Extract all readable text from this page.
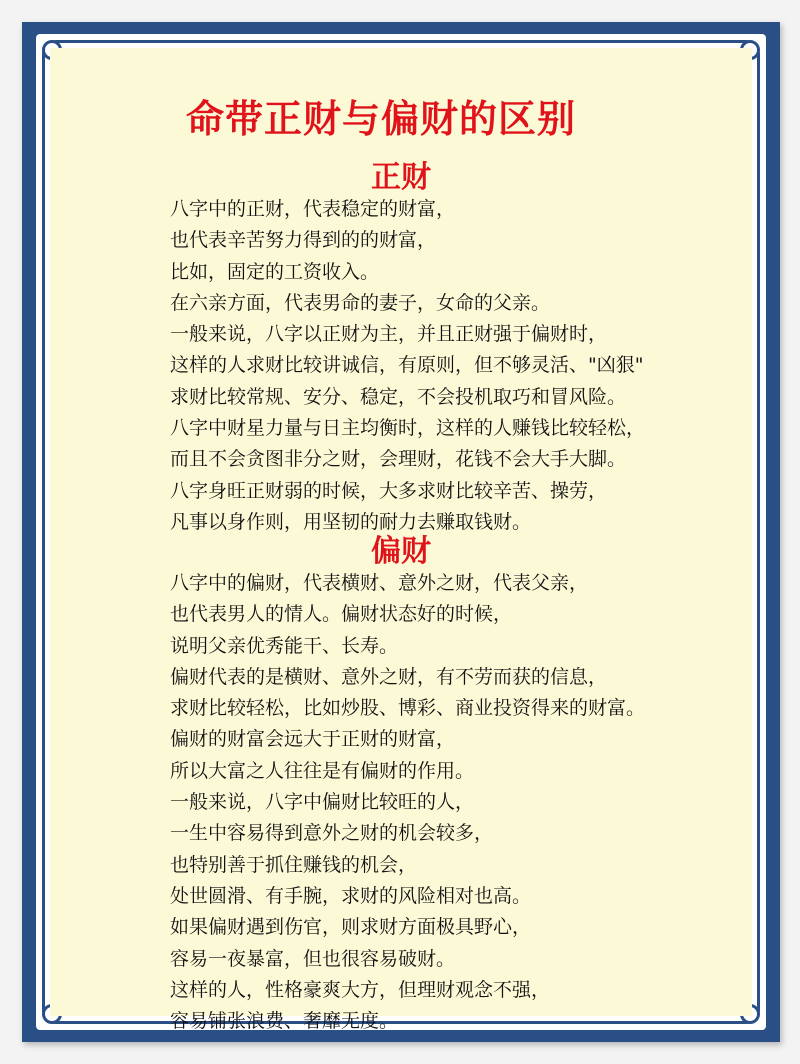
命带正财与偏财的区别
正财
八字中的正财，代表稳定的财富，
也代表辛苦努力得到的的财富，
比如，固定的工资收入。
在六亲方面，代表男命的妻子，女命的父亲。
一般来说，八字以正财为主，并且正财强于偏财时，
这样的人求财比较讲诚信，有原则，但不够灵活、"凶狠"
求财比较常规、安分、稳定，不会投机取巧和冒风险。
八字中财星力量与日主均衡时，这样的人赚钱比较轻松，
而且不会贪图非分之财，会理财，花钱不会大手大脚。
八字身旺正财弱的时候，大多求财比较辛苦、操劳，
凡事以身作则，用坚韧的耐力去赚取钱财。
偏财
八字中的偏财，代表横财、意外之财，代表父亲，
也代表男人的情人。偏财状态好的时候，
说明父亲优秀能干、长寿。
偏财代表的是横财、意外之财，有不劳而获的信息，
求财比较轻松，比如炒股、博彩、商业投资得来的财富。
偏财的财富会远大于正财的财富，
所以大富之人往往是有偏财的作用。
一般来说，八字中偏财比较旺的人，
一生中容易得到意外之财的机会较多，
也特别善于抓住赚钱的机会，
处世圆滑、有手腕，求财的风险相对也高。
如果偏财遇到伤官，则求财方面极具野心，
容易一夜暴富，但也很容易破财。
这样的人，性格豪爽大方，但理财观念不强，
容易铺张浪费、奢靡无度。
